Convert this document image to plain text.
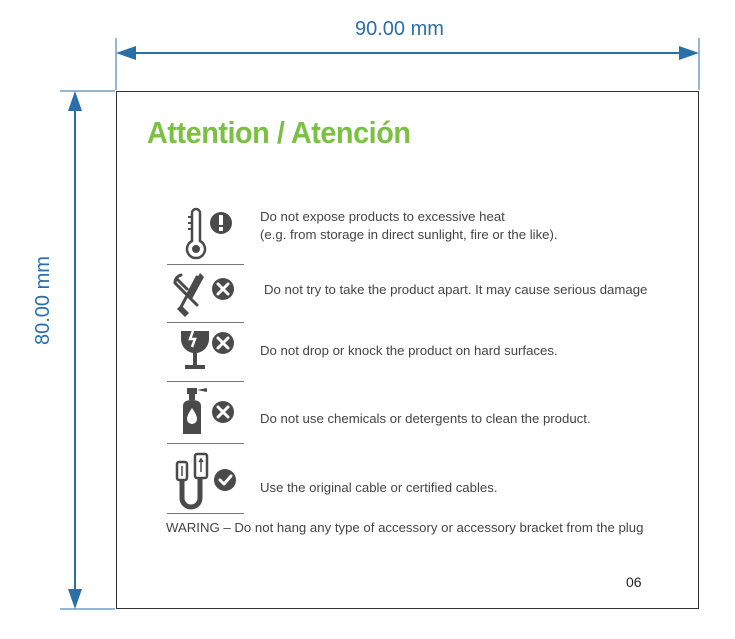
90.00 mm
80.00 mm
Attention / Atención
Do not expose products to excessive heat
(e.g. from storage in direct sunlight, fire or the like).
Do not try to take the product apart. It may cause serious damage
Do not drop or knock the product on hard surfaces.
Do not use chemicals or detergents to clean the product.
Use the original cable or certified cables.
WARING – Do not hang any type of accessory or accessory bracket from the plug
06
